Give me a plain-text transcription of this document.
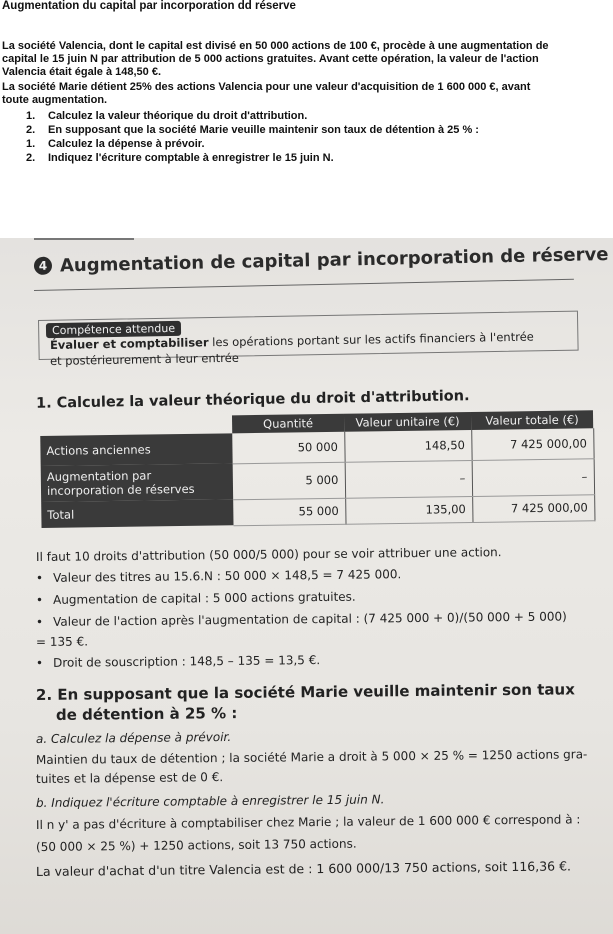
Augmentation du capital par incorporation dd réserve
La société Valencia, dont le capital est divisé en 50 000 actions de 100 €, procède à une augmentation de
capital le 15 juin N par attribution de 5 000 actions gratuites. Avant cette opération, la valeur de l'action
Valencia était égale à 148,50 €.
La société Marie détient 25% des actions Valencia pour une valeur d'acquisition de 1 600 000 €, avant
toute augmentation.
1. Calculez la valeur théorique du droit d'attribution.
2. En supposant que la société Marie veuille maintenir son taux de détention à 25 % :
1. Calculez la dépense à prévoir.
2. Indiquez l'écriture comptable à enregistrer le 15 juin N.
4 Augmentation de capital par incorporation de réserve
Compétence attendue
Évaluer et comptabiliser les opérations portant sur les actifs financiers à l'entrée
et postérieurement à leur entrée
1. Calculez la valeur théorique du droit d'attribution.
	Quantité	Valeur unitaire (€)	Valeur totale (€)
Actions anciennes	50 000	148,50	7 425 000,00
Augmentation par incorporation de réserves	5 000	–	–
Total	55 000	135,00	7 425 000,00
Il faut 10 droits d'attribution (50 000/5 000) pour se voir attribuer une action.
• Valeur des titres au 15.6.N : 50 000 × 148,5 = 7 425 000.
• Augmentation de capital : 5 000 actions gratuites.
• Valeur de l'action après l'augmentation de capital : (7 425 000 + 0)/(50 000 + 5 000)
= 135 €.
• Droit de souscription : 148,5 – 135 = 13,5 €.
2. En supposant que la société Marie veuille maintenir son taux
de détention à 25 % :
a. Calculez la dépense à prévoir.
Maintien du taux de détention ; la société Marie a droit à 5 000 × 25 % = 1250 actions gra-
tuites et la dépense est de 0 €.
b. Indiquez l'écriture comptable à enregistrer le 15 juin N.
Il n y' a pas d'écriture à comptabiliser chez Marie ; la valeur de 1 600 000 € correspond à :
(50 000 × 25 %) + 1250 actions, soit 13 750 actions.
La valeur d'achat d'un titre Valencia est de : 1 600 000/13 750 actions, soit 116,36 €.
